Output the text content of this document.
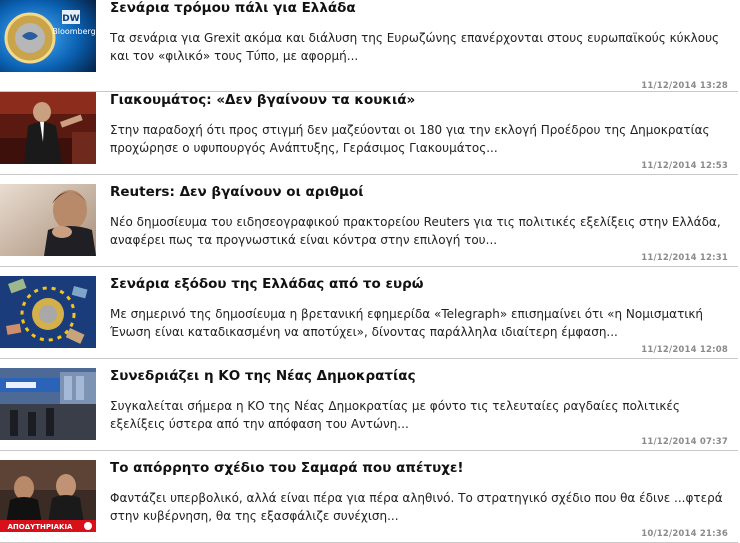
DW
Bloomberg
Σενάρια τρόμου πάλι για Ελλάδα
Τα σενάρια για Grexit ακόμα και διάλυση της Ευρωζώνης επανέρχονται στους ευρωπαϊκούς κύκλους και τον «φιλικό» τους Τύπο, με αφορμή...
11/12/2014 13:28
Γιακουμάτος: «Δεν βγαίνουν τα κουκιά»
Στην παραδοχή ότι προς στιγμή δεν μαζεύονται οι 180 για την εκλογή Προέδρου της Δημοκρατίας προχώρησε ο υφυπουργός Ανάπτυξης, Γεράσιμος Γιακουμάτος...
11/12/2014 12:53
Reuters: Δεν βγαίνουν οι αριθμοί
Νέο δημοσίευμα του ειδησεογραφικού πρακτορείου Reuters για τις πολιτικές εξελίξεις στην Ελλάδα, αναφέρει πως τα προγνωστικά είναι κόντρα στην επιλογή του...
11/12/2014 12:31
Σενάρια εξόδου της Ελλάδας από το ευρώ
Με σημερινό της δημοσίευμα η βρετανική εφημερίδα «Telegraph» επισημαίνει ότι «η Νομισματική Ένωση είναι καταδικασμένη να αποτύχει», δίνοντας παράλληλα ιδιαίτερη έμφαση...
11/12/2014 12:08
Συνεδριάζει η ΚΟ της Νέας Δημοκρατίας
Συγκαλείται σήμερα η ΚΟ της Νέας Δημοκρατίας με φόντο τις τελευταίες ραγδαίες πολιτικές εξελίξεις ύστερα από την απόφαση του Αντώνη...
11/12/2014 07:37
ΑΠΟΔΥΤΗΡΙΑΚΙΑ
Το απόρρητο σχέδιο του Σαμαρά που απέτυχε!
Φαντάζει υπερβολικό, αλλά είναι πέρα για πέρα αληθινό. Το στρατηγικό σχέδιο που θα έδινε ...φτερά στην κυβέρνηση, θα της εξασφάλιζε συνέχιση...
10/12/2014 21:36
